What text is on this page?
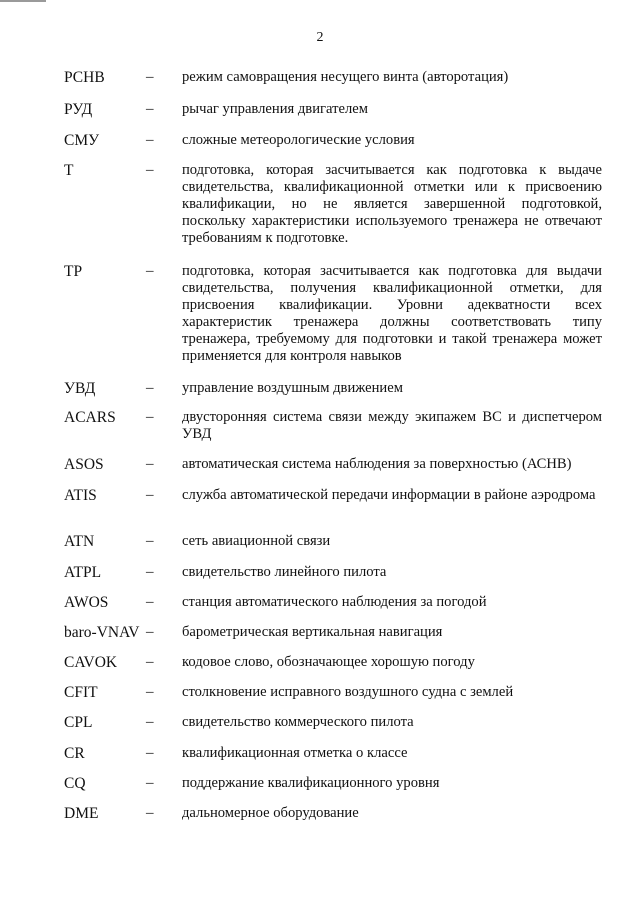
2
РСНВ	– режим самовращения несущего винта (авторотация)
РУД	– рычаг управления двигателем
СМУ	– сложные метеорологические условия
Т	– подготовка, которая засчитывается как подготовка к выдаче свидетельства, квалификационной отметки или к присвоению квалификации, но не является завершенной подготовкой, поскольку характеристики используемого тренажера не отвечают требованиям к подготовке.
ТР	– подготовка, которая засчитывается как подготовка для выдачи свидетельства, получения квалификационной отметки, для присвоения квалификации. Уровни адекватности всех характеристик тренажера должны соответствовать типу тренажера, требуемому для подготовки и такой тренажера может применяется для контроля навыков
УВД	– управление воздушным движением
ACARS – двусторонняя система связи между экипажем ВС и диспетчером УВД
ASOS	– автоматическая система наблюдения за поверхностью (АСНВ)
ATIS	– служба автоматической передачи информации в районе аэродрома
ATN	– сеть авиационной связи
ATPL	– свидетельство линейного пилота
AWOS	– станция автоматического наблюдения за погодой
baro-VNAV – барометрическая вертикальная навигация
CAVOK – кодовое слово, обозначающее хорошую погоду
CFIT	– столкновение исправного воздушного судна с землей
CPL	– свидетельство коммерческого пилота
CR	– квалификационная отметка о классе
CQ	– поддержание квалификационного уровня
DME	– дальномерное оборудование
